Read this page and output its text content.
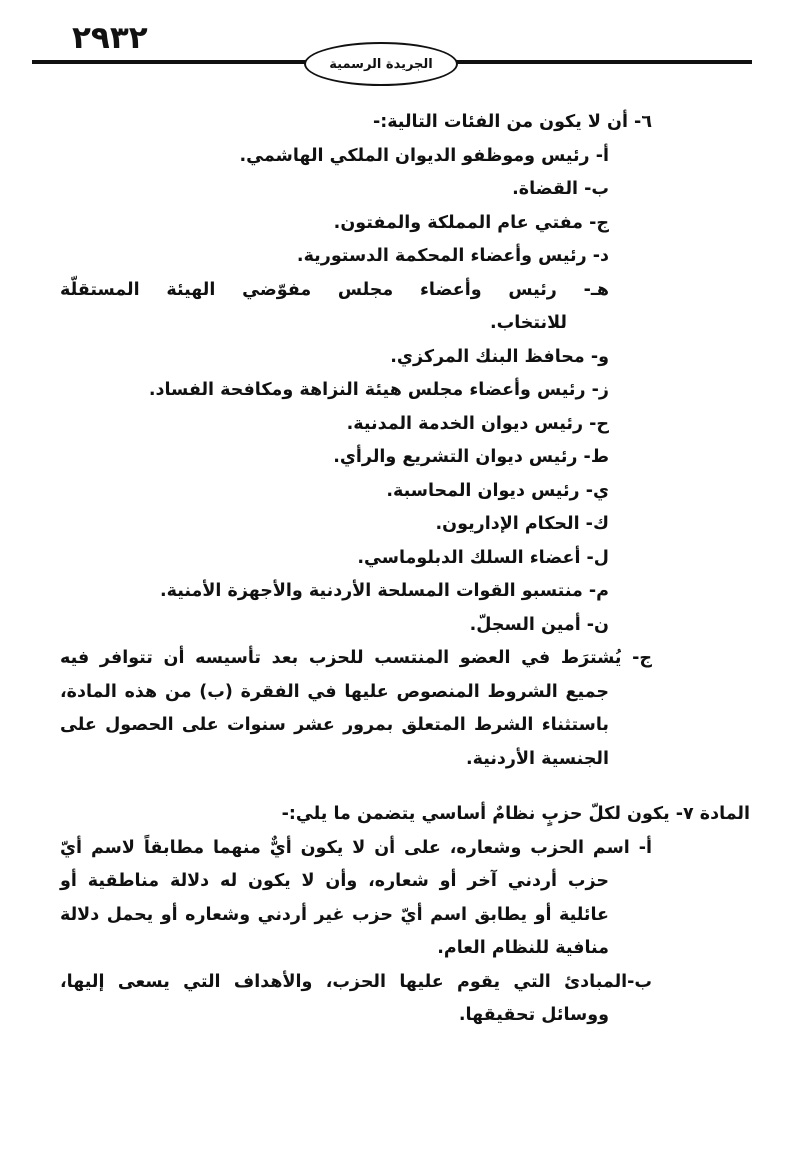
٢٩٣٢
الجريدة الرسمية
٦- أن لا يكون من الفئات التالية:-
أ- رئيس وموظفو الديوان الملكي الهاشمي.
ب- القضاة.
ج- مفتي عام المملكة والمفتون.
د- رئيس وأعضاء المحكمة الدستورية.
هـ- رئيس وأعضاء مجلس مفوّضي الهيئة المستقلّة
للانتخاب.
و- محافظ البنك المركزي.
ز- رئيس وأعضاء مجلس هيئة النزاهة ومكافحة الفساد.
ح- رئيس ديوان الخدمة المدنية.
ط- رئيس ديوان التشريع والرأي.
ي- رئيس ديوان المحاسبة.
ك- الحكام الإداريون.
ل- أعضاء السلك الدبلوماسي.
م- منتسبو القوات المسلحة الأردنية والأجهزة الأمنية.
ن- أمين السجلّ.
ج- يُشترَط في العضو المنتسب للحزب بعد تأسيسه أن تتوافر فيه
جميع الشروط المنصوص عليها في الفقرة (ب) من هذه المادة،
باستثناء الشرط المتعلق بمرور عشر سنوات على الحصول على
الجنسية الأردنية.
المادة ٧- يكون لكلّ حزبٍ نظامٌ أساسي يتضمن ما يلي:-
أ- اسم الحزب وشعاره، على أن لا يكون أيٌّ منهما مطابقاً لاسم أيّ
حزب أردني آخر أو شعاره، وأن لا يكون له دلالة مناطقية أو
عائلية أو يطابق اسم أيّ حزب غير أردني وشعاره أو يحمل دلالة
منافية للنظام العام.
ب-المبادئ التي يقوم عليها الحزب، والأهداف التي يسعى إليها،
ووسائل تحقيقها.
